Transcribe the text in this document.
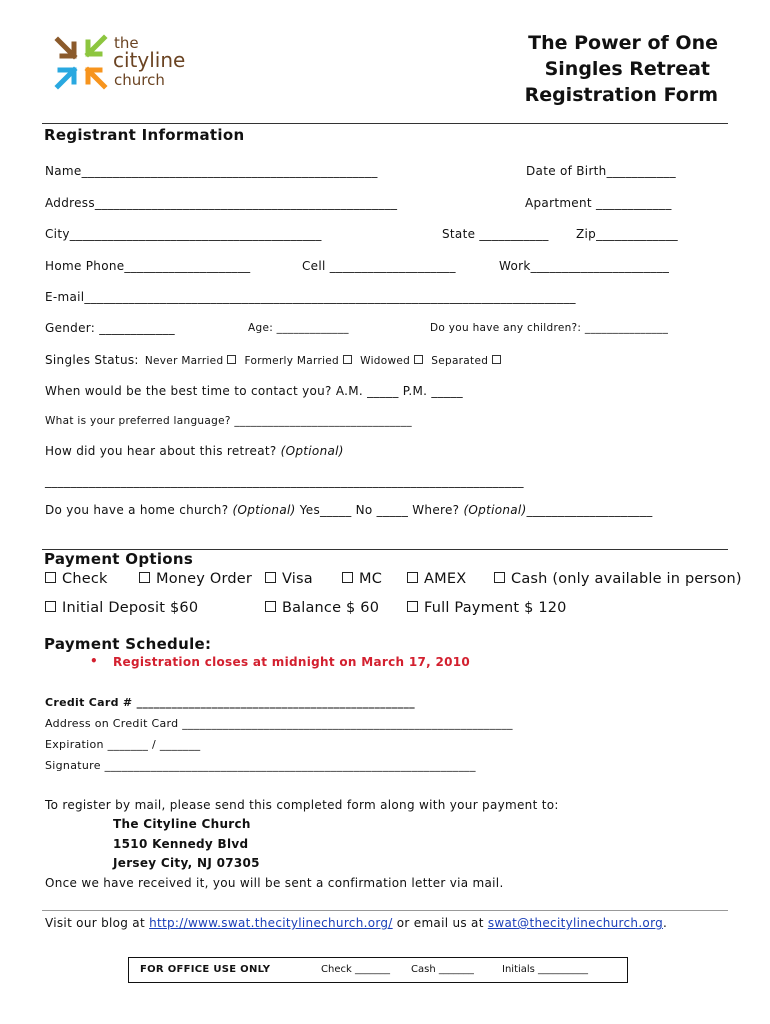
the
cityline
church
The Power of One
Singles Retreat
Registration Form
Registrant Information
Name_______________________________________________	Date of Birth___________
Address________________________________________________	Apartment ____________
City________________________________________	State ___________ Zip_____________
Home Phone____________________	Cell ____________________	Work______________________
E-mail______________________________________________________________________________
Gender: ____________	Age: _____________	Do you have any children?: _______________
Singles Status: Never Married Formerly Married Widowed Separated
When would be the best time to contact you? A.M. _____ P.M. _____
What is your preferred language? ________________________________
How did you hear about this retreat? (Optional)
____________________________________________________________________________
Do you have a home church? (Optional) Yes_____ No _____ Where? (Optional)____________________
Payment Options
Check	Money Order	Visa	MC	AMEX	Cash (only available in person)
Initial Deposit $60	Balance $ 60	Full Payment $ 120
Payment Schedule:
• Registration closes at midnight on March 17, 2010
Credit Card # ________________________________________________
Address on Credit Card _________________________________________________________
Expiration _______ / _______
Signature ________________________________________________________________
To register by mail, please send this completed form along with your payment to:
The Cityline Church
1510 Kennedy Blvd
Jersey City, NJ 07305
Once we have received it, you will be sent a confirmation letter via mail.
Visit our blog at http://www.swat.thecitylinechurch.org/ or email us at swat@thecitylinechurch.org.
FOR OFFICE USE ONLY	Check _______ Cash _______	Initials __________
